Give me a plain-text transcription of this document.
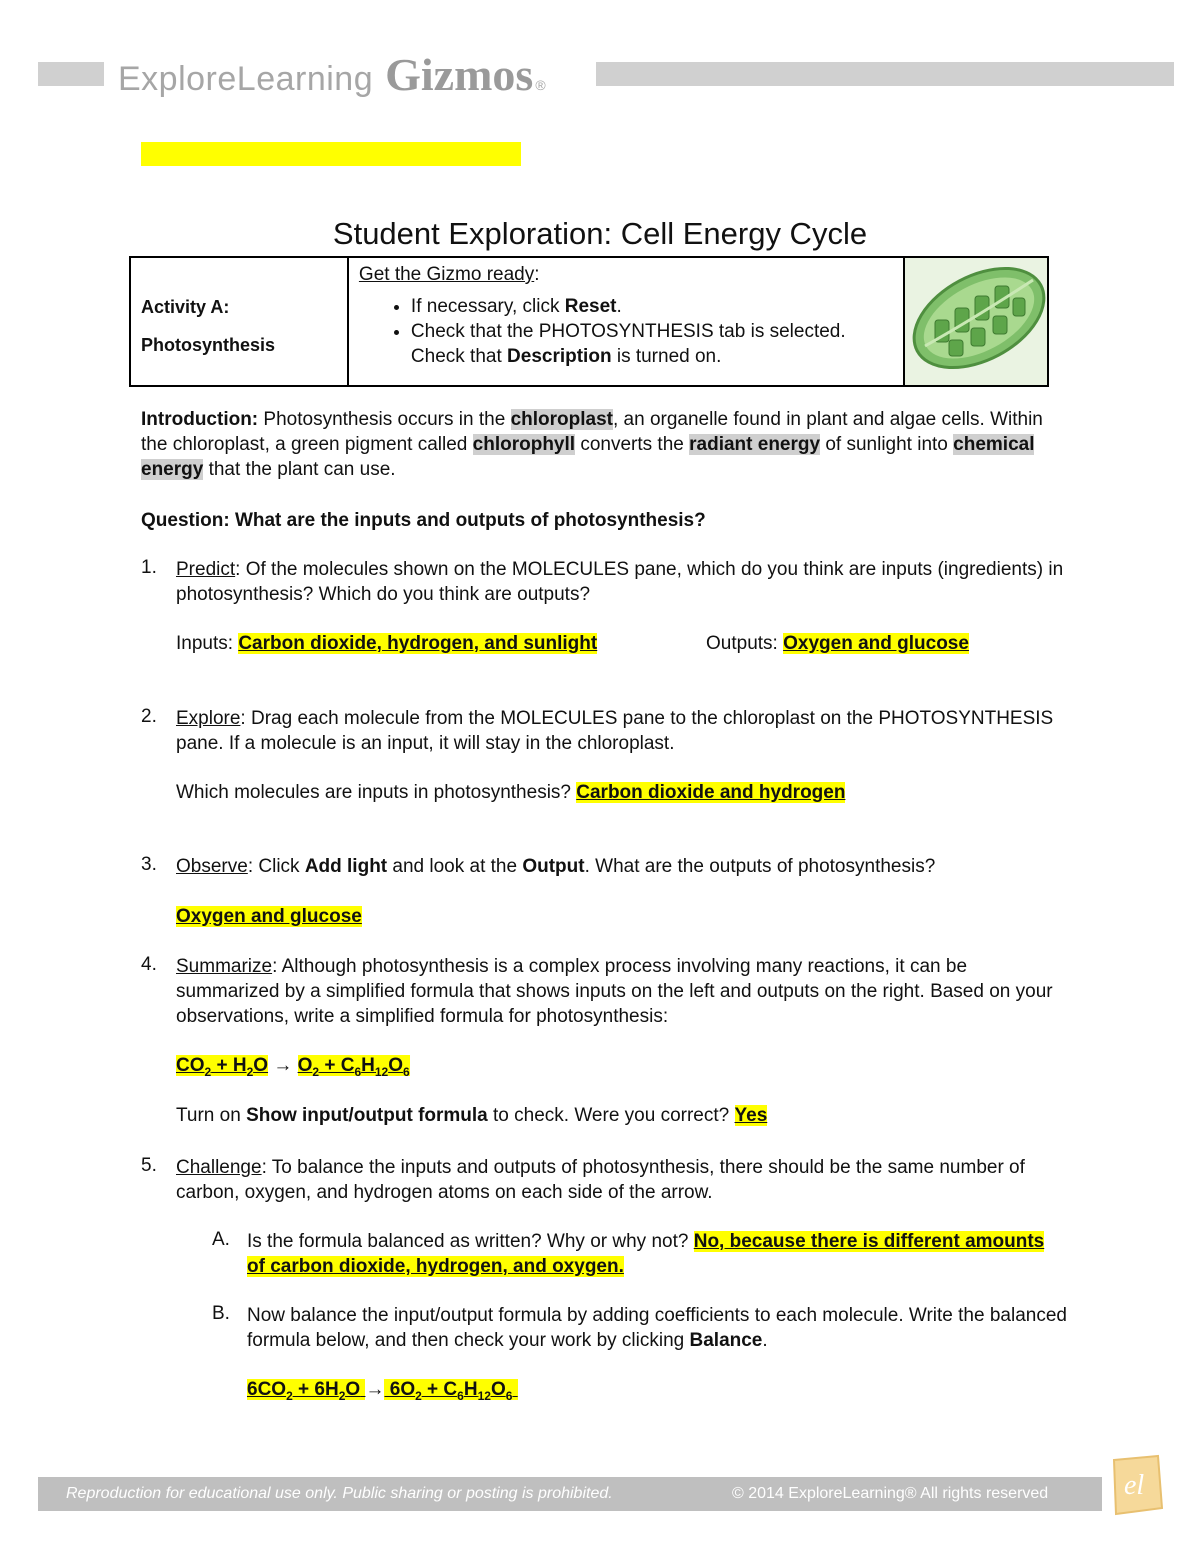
ExploreLearning Gizmos ®
Student Exploration: Cell Energy Cycle
Activity A:
Photosynthesis

Get the Gizmo ready:
• If necessary, click Reset.
• Check that the PHOTOSYNTHESIS tab is selected. Check that Description is turned on.

Introduction: Photosynthesis occurs in the chloroplast, an organelle found in plant and algae cells. Within the chloroplast, a green pigment called chlorophyll converts the radiant energy of sunlight into chemical energy that the plant can use.
Question: What are the inputs and outputs of photosynthesis?
1. Predict: Of the molecules shown on the MOLECULES pane, which do you think are inputs (ingredients) in photosynthesis? Which do you think are outputs?
Inputs: Carbon dioxide, hydrogen, and sunlight	Outputs: Oxygen and glucose
2. Explore: Drag each molecule from the MOLECULES pane to the chloroplast on the PHOTOSYNTHESIS pane. If a molecule is an input, it will stay in the chloroplast.
Which molecules are inputs in photosynthesis? Carbon dioxide and hydrogen
3. Observe: Click Add light and look at the Output. What are the outputs of photosynthesis?
Oxygen and glucose
4. Summarize: Although photosynthesis is a complex process involving many reactions, it can be summarized by a simplified formula that shows inputs on the left and outputs on the right. Based on your observations, write a simplified formula for photosynthesis:
$CO_2 + H_2O \to O_2 + C_6H_{12}O_6$
Turn on Show input/output formula to check. Were you correct? Yes
5. Challenge: To balance the inputs and outputs of photosynthesis, there should be the same number of carbon, oxygen, and hydrogen atoms on each side of the arrow.
A. Is the formula balanced as written? Why or why not? No, because there is different amounts of carbon dioxide, hydrogen, and oxygen.
B. Now balance the input/output formula by adding coefficients to each molecule. Write the balanced formula below, and then check your work by clicking Balance.
$6CO_2 + 6H_2O \to 6O_2 + C_6H_{12}O_6$
Reproduction for educational use only. Public sharing or posting is prohibited.	© 2014 ExploreLearning® All rights reserved	el
